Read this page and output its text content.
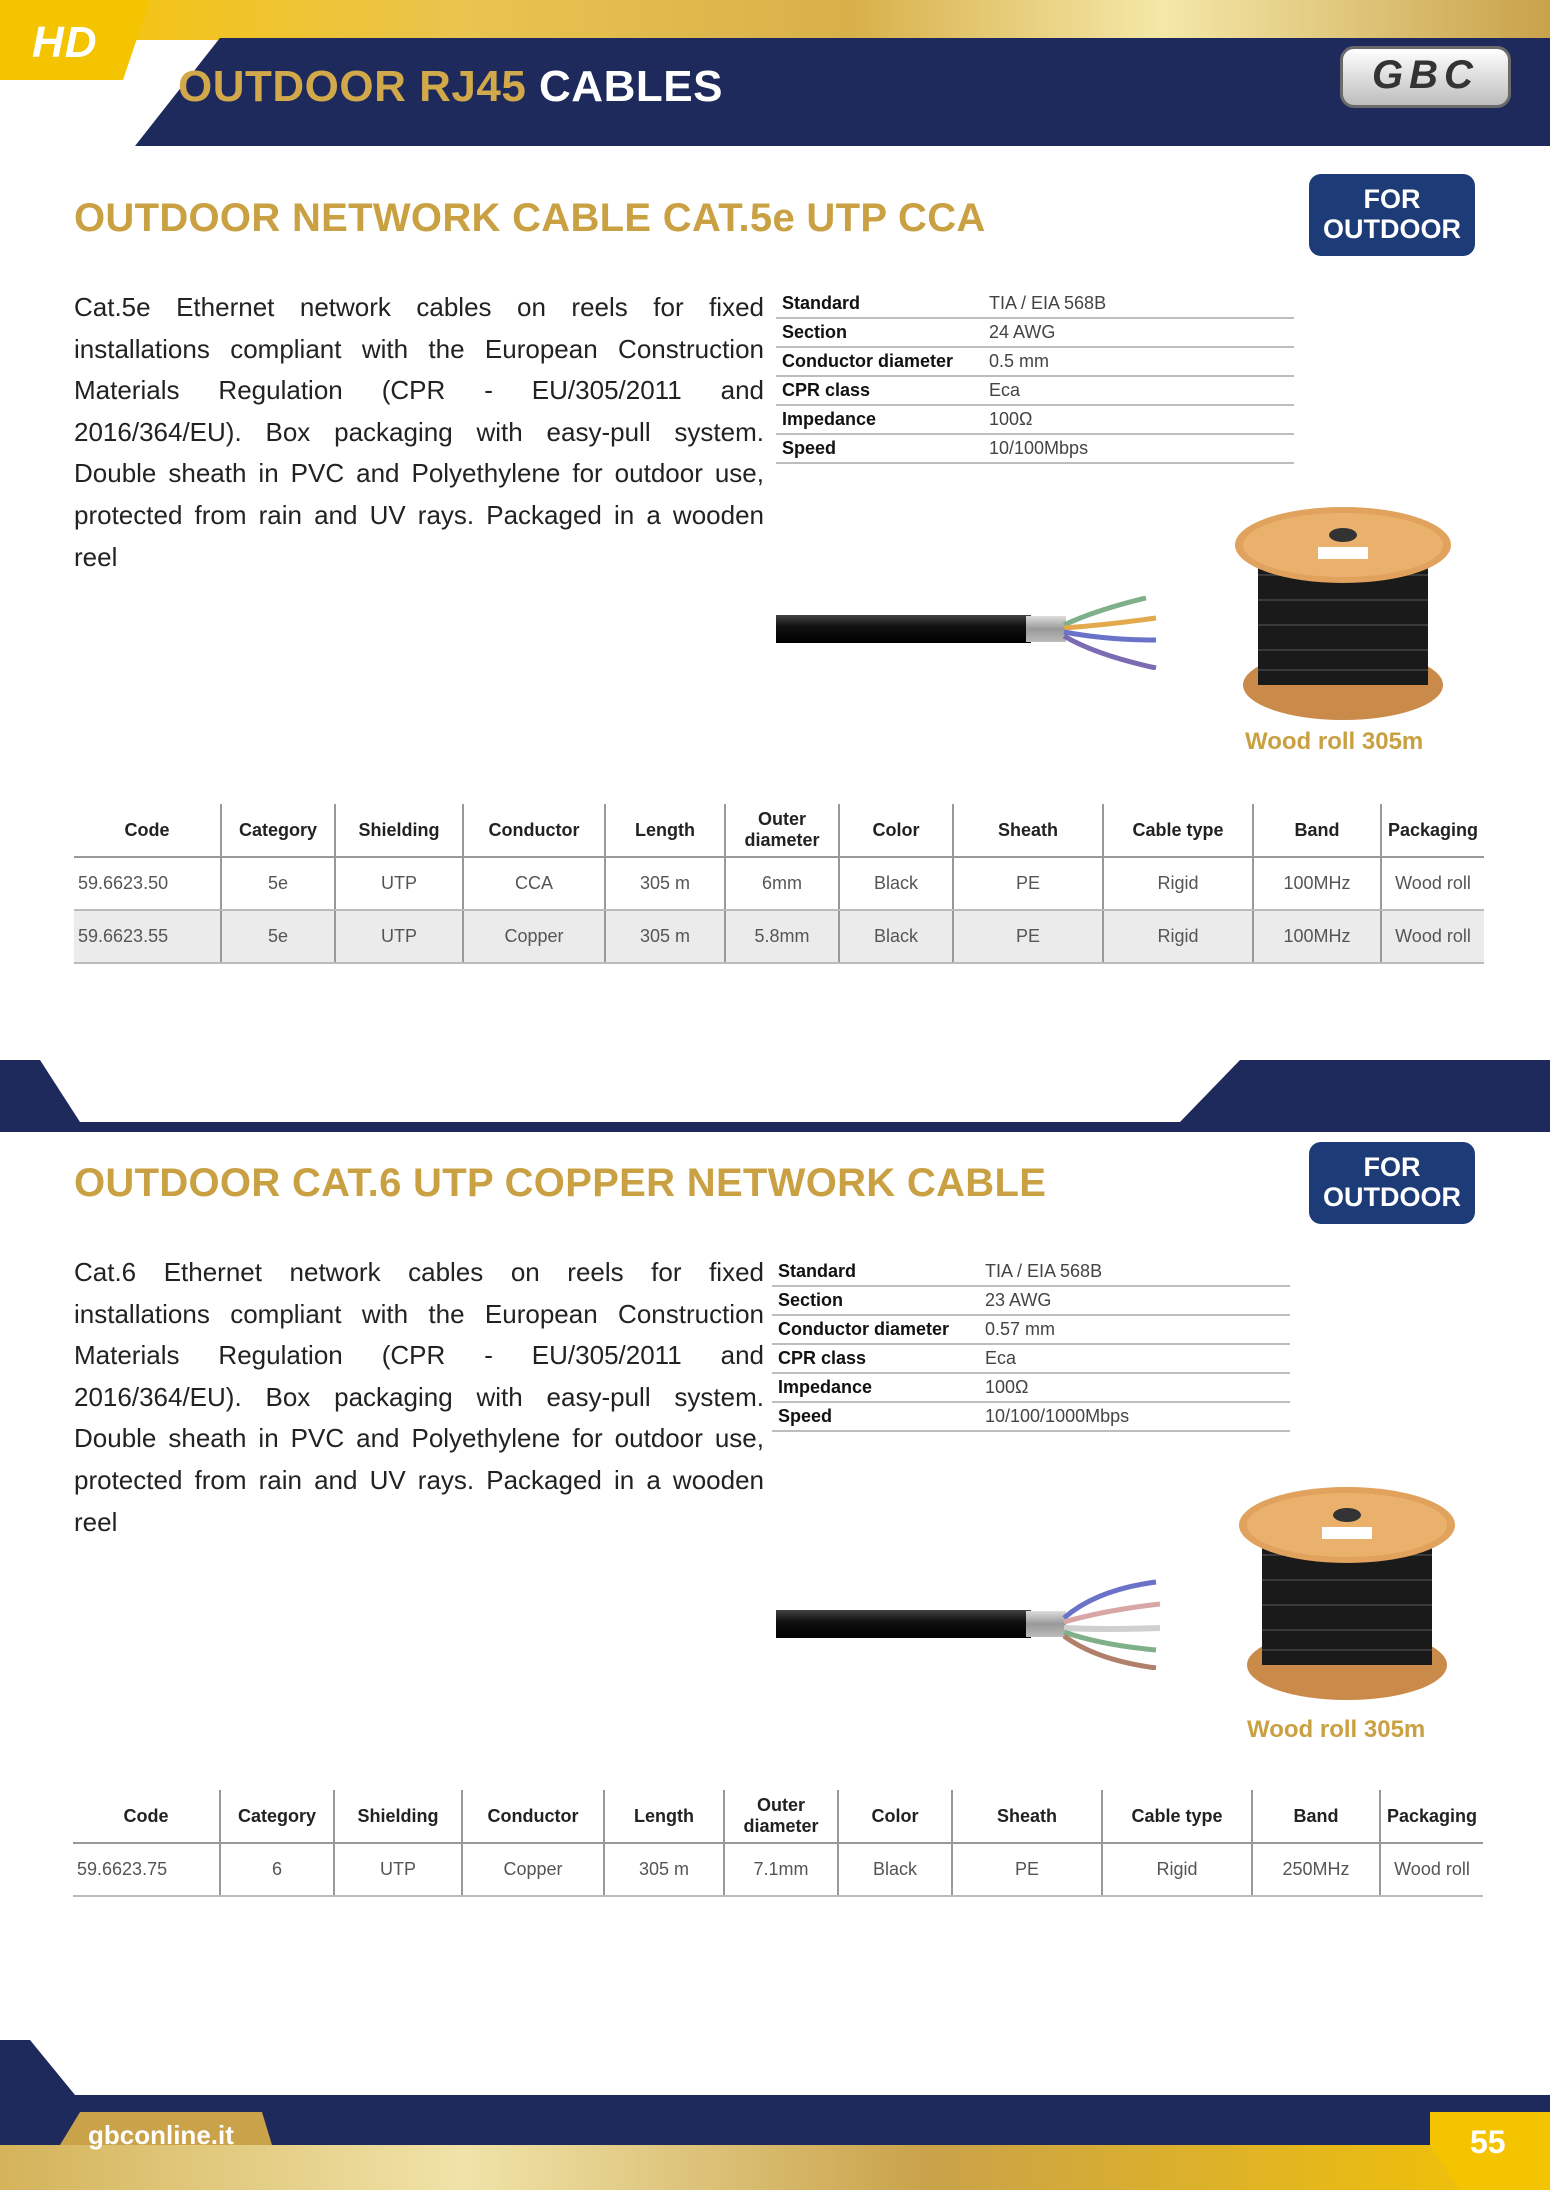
HD
OUTDOOR RJ45 CABLES	GBC
OUTDOOR NETWORK CABLE CAT.5e UTP CCA	FOR
OUTDOOR
Cat.5e Ethernet network cables on reels for fixed installations compliant with the European Construction Materials Regulation (CPR - EU/305/2011 and 2016/364/EU). Box packaging with easy-pull system. Double sheath in PVC and Polyethylene for outdoor use, protected from rain and UV rays. Packaged in a wooden reel
Standard	TIA / EIA 568B
Section	24 AWG
Conductor diameter	0.5 mm
CPR class	Eca
Impedance	100Ω
Speed	10/100Mbps
Wood roll 305m
Code	Category	Shielding	Conductor	Length	Outer diameter	Color	Sheath	Cable type	Band	Packaging
59.6623.50	5e	UTP	CCA	305 m	6mm	Black	PE	Rigid	100MHz	Wood roll
59.6623.55	5e	UTP	Copper	305 m	5.8mm	Black	PE	Rigid	100MHz	Wood roll
OUTDOOR CAT.6 UTP COPPER NETWORK CABLE	FOR
OUTDOOR
Cat.6 Ethernet network cables on reels for fixed installations compliant with the European Construction Materials Regulation (CPR - EU/305/2011 and 2016/364/EU). Box packaging with easy-pull system. Double sheath in PVC and Polyethylene for outdoor use, protected from rain and UV rays. Packaged in a wooden reel
Standard	TIA / EIA 568B
Section	23 AWG
Conductor diameter	0.57 mm
CPR class	Eca
Impedance	100Ω
Speed	10/100/1000Mbps
Wood roll 305m
Code	Category	Shielding	Conductor	Length	Outer diameter	Color	Sheath	Cable type	Band	Packaging
59.6623.75	6	UTP	Copper	305 m	7.1mm	Black	PE	Rigid	250MHz	Wood roll
gbconline.it	55
